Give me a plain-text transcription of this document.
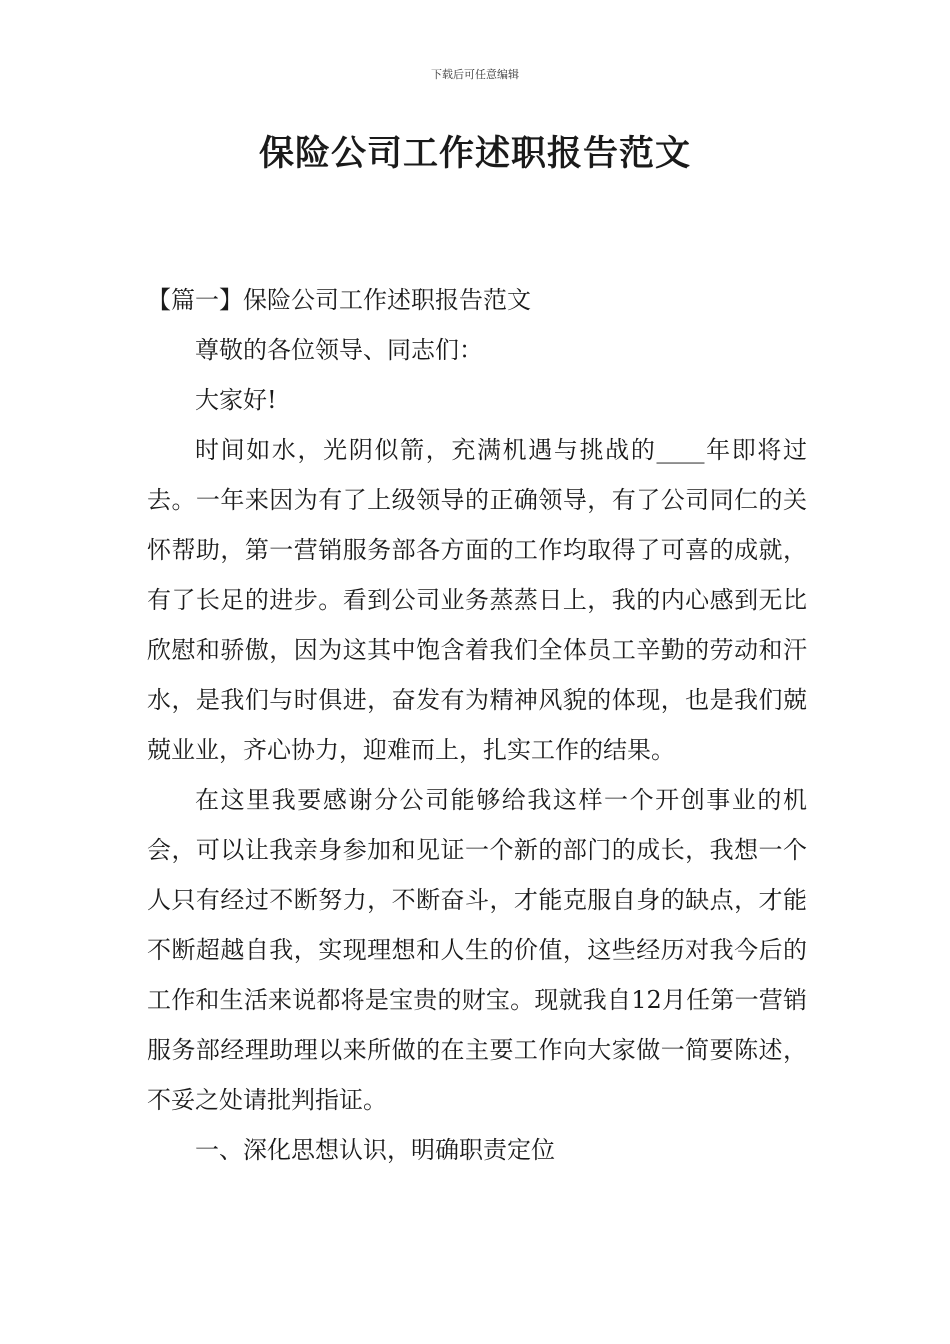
下载后可任意编辑
保险公司工作述职报告范文

【篇一】保险公司工作述职报告范文

尊敬的各位领导、同志们：

大家好!

时间如水，光阴似箭，充满机遇与挑战的____年即将过去。一年来因为有了上级领导的正确领导，有了公司同仁的关怀帮助，第一营销服务部各方面的工作均取得了可喜的成就，有了长足的进步。看到公司业务蒸蒸日上，我的内心感到无比欣慰和骄傲，因为这其中饱含着我们全体员工辛勤的劳动和汗水，是我们与时俱进，奋发有为精神风貌的体现，也是我们兢兢业业，齐心协力，迎难而上，扎实工作的结果。

在这里我要感谢分公司能够给我这样一个开创事业的机会，可以让我亲身参加和见证一个新的部门的成长，我想一个人只有经过不断努力，不断奋斗，才能克服自身的缺点，才能不断超越自我，实现理想和人生的价值，这些经历对我今后的工作和生活来说都将是宝贵的财宝。现就我自12月任第一营销服务部经理助理以来所做的在主要工作向大家做一简要陈述，不妥之处请批判指证。

一、深化思想认识，明确职责定位
